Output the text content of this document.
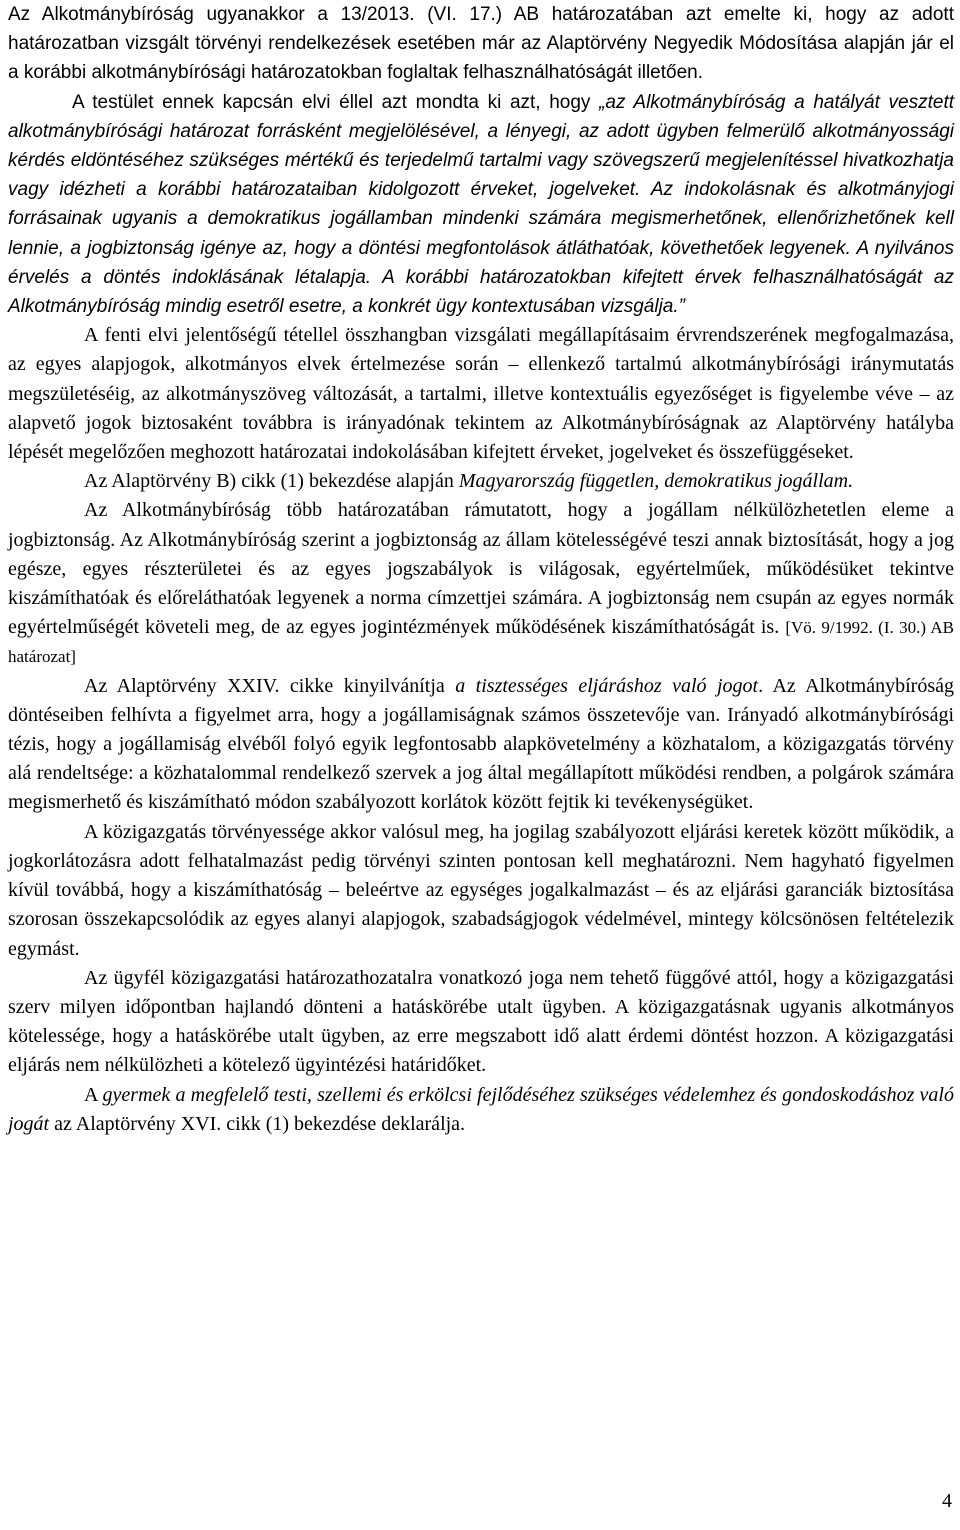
Az Alkotmánybíróság ugyanakkor a 13/2013. (VI. 17.) AB határozatában azt emelte ki, hogy az adott határozatban vizsgált törvényi rendelkezések esetében már az Alaptörvény Negyedik Módosítása alapján jár el a korábbi alkotmánybírósági határozatokban foglaltak felhasználhatóságát illetően.

A testület ennek kapcsán elvi éllel azt mondta ki azt, hogy „az Alkotmánybíróság a hatályát vesztett alkotmánybírósági határozat forrásként megjelölésével, a lényegi, az adott ügyben felmerülő alkotmányossági kérdés eldöntéséhez szükséges mértékű és terjedelmű tartalmi vagy szövegszerű megjelenítéssel hivatkozhatja vagy idézheti a korábbi határozataiban kidolgozott érveket, jogelveket. Az indokolásnak és alkotmányjogi forrásainak ugyanis a demokratikus jogállamban mindenki számára megismerhetőnek, ellenőrizhetőnek kell lennie, a jogbiztonság igénye az, hogy a döntési megfontolások átláthatóak, követhetőek legyenek. A nyilvános érvelés a döntés indoklásának létalapja. A korábbi határozatokban kifejtett érvek felhasználhatóságát az Alkotmánybíróság mindig esetről esetre, a konkrét ügy kontextusában vizsgálja.”

A fenti elvi jelentőségű tétellel összhangban vizsgálati megállapításaim érvrendszerének megfogalmazása, az egyes alapjogok, alkotmányos elvek értelmezése során – ellenkező tartalmú alkotmánybírósági iránymutatás megszületéséig, az alkotmányszöveg változását, a tartalmi, illetve kontextuális egyezőséget is figyelembe véve – az alapvető jogok biztosaként továbbra is irányadónak tekintem az Alkotmánybíróságnak az Alaptörvény hatályba lépését megelőzően meghozott határozatai indokolásában kifejtett érveket, jogelveket és összefüggéseket.

Az Alaptörvény B) cikk (1) bekezdése alapján Magyarország független, demokratikus jogállam.

Az Alkotmánybíróság több határozatában rámutatott, hogy a jogállam nélkülözhetetlen eleme a jogbiztonság. Az Alkotmánybíróság szerint a jogbiztonság az állam kötelességévé teszi annak biztosítását, hogy a jog egésze, egyes részterületei és az egyes jogszabályok is világosak, egyértelműek, működésüket tekintve kiszámíthatóak és előreláthatóak legyenek a norma címzettjei számára. A jogbiztonság nem csupán az egyes normák egyértelműségét követeli meg, de az egyes jogintézmények működésének kiszámíthatóságát is. [Vö. 9/1992. (I. 30.) AB határozat]

Az Alaptörvény XXIV. cikke kinyilvánítja a tisztességes eljáráshoz való jogot. Az Alkotmánybíróság döntéseiben felhívta a figyelmet arra, hogy a jogállamiságnak számos összetevője van. Irányadó alkotmánybírósági tézis, hogy a jogállamiság elvéből folyó egyik legfontosabb alapkövetelmény a közhatalom, a közigazgatás törvény alá rendeltsége: a közhatalommal rendelkező szervek a jog által megállapított működési rendben, a polgárok számára megismerhető és kiszámítható módon szabályozott korlátok között fejtik ki tevékenységüket.

A közigazgatás törvényessége akkor valósul meg, ha jogilag szabályozott eljárási keretek között működik, a jogkorlátozásra adott felhatalmazást pedig törvényi szinten pontosan kell meghatározni. Nem hagyható figyelmen kívül továbbá, hogy a kiszámíthatóság – beleértve az egységes jogalkalmazást – és az eljárási garanciák biztosítása szorosan összekapcsolódik az egyes alanyi alapjogok, szabadságjogok védelmével, mintegy kölcsönösen feltételezik egymást.

Az ügyfél közigazgatási határozathozatalra vonatkozó joga nem tehető függővé attól, hogy a közigazgatási szerv milyen időpontban hajlandó dönteni a hatáskörébe utalt ügyben. A közigazgatásnak ugyanis alkotmányos kötelessége, hogy a hatáskörébe utalt ügyben, az erre megszabott idő alatt érdemi döntést hozzon. A közigazgatási eljárás nem nélkülözheti a kötelező ügyintézési határidőket.

A gyermek a megfelelő testi, szellemi és erkölcsi fejlődéséhez szükséges védelemhez és gondoskodáshoz való jogát az Alaptörvény XVI. cikk (1) bekezdése deklarálja.

4
